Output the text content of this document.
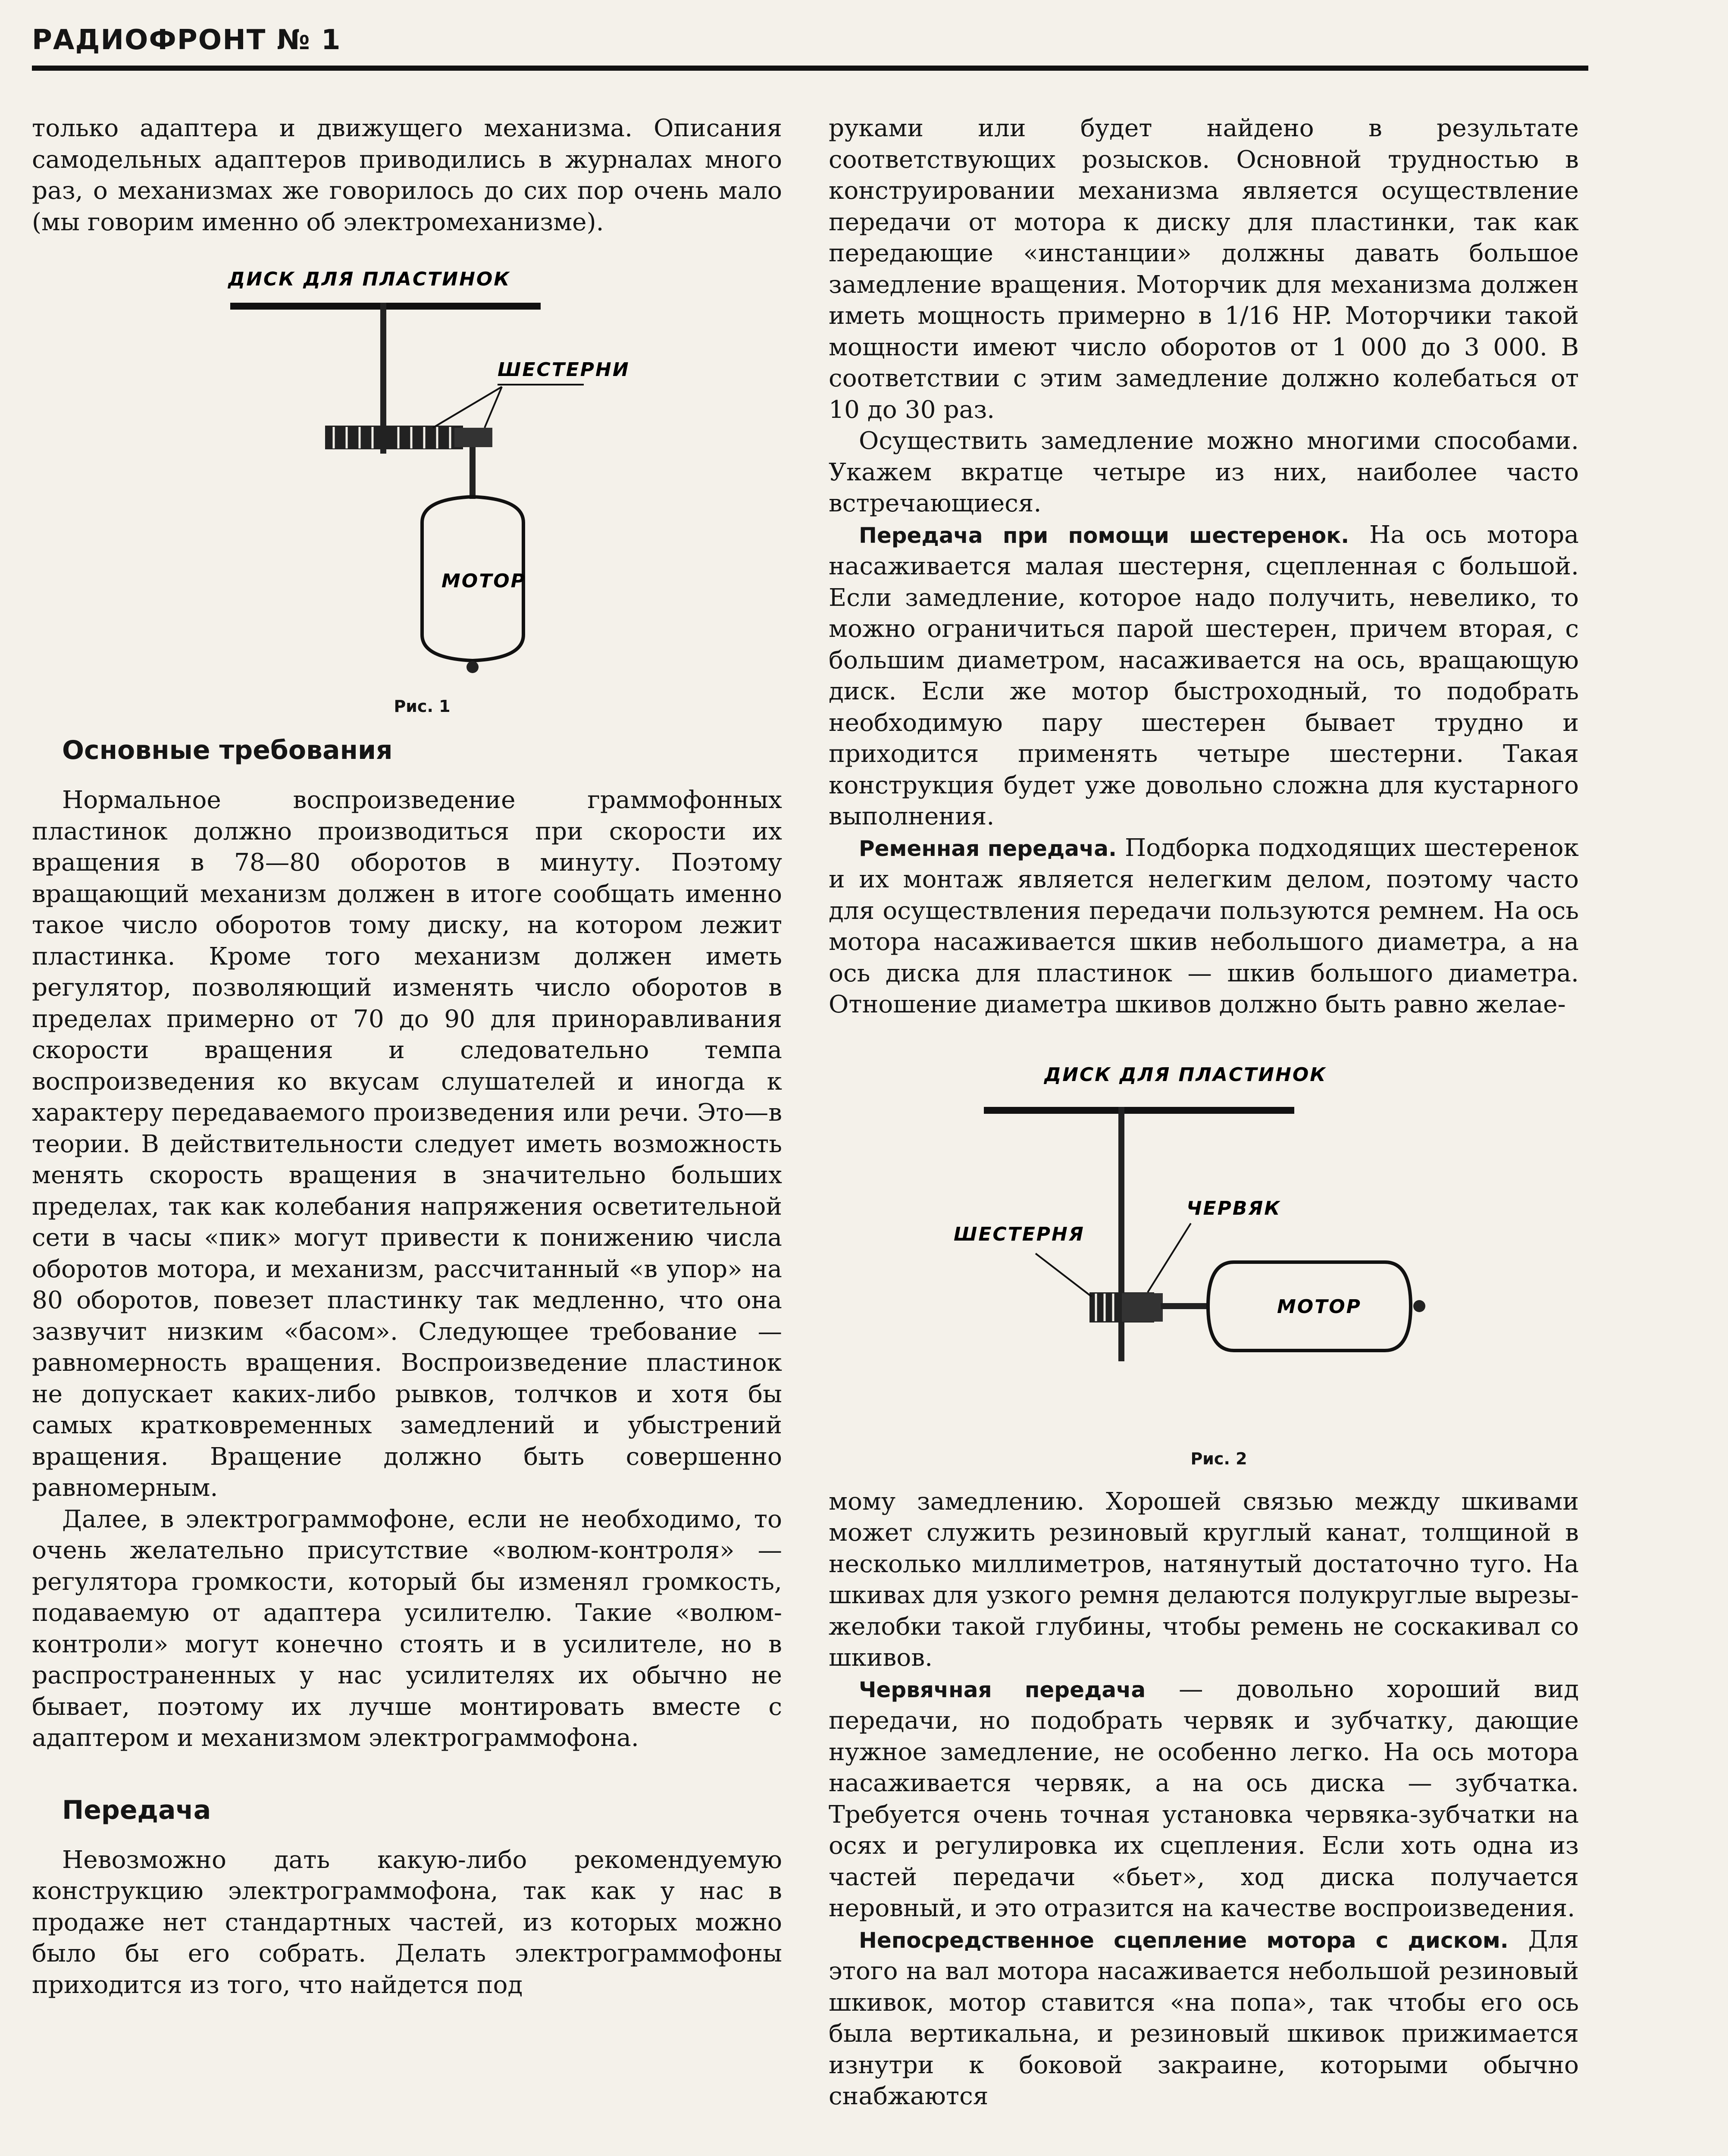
РАДИОФРОНТ № 1

только адаптера и движущего механизма. Описания самодельных адаптеров приводились в журналах много раз, о механизмах же говорилось до сих пор очень мало (мы говорим именно об электромеханизме).

ДИСК ДЛЯ ПЛАСТИНОК
ШЕСТЕРНИ
МОТОР

Рис. 1

Основные требования

Нормальное воспроизведение граммофонных пластинок должно производиться при скорости их вращения в 78—80 оборотов в минуту. Поэтому вращающий механизм должен в итоге сообщать именно такое число оборотов тому диску, на котором лежит пластинка. Кроме того механизм должен иметь регулятор, позволяющий изменять число оборотов в пределах примерно от 70 до 90 для приноравливания скорости вращения и следовательно темпа воспроизведения ко вкусам слушателей и иногда к характеру передаваемого произведения или речи. Это—в теории. В действительности следует иметь возможность менять скорость вращения в значительно больших пределах, так как колебания напряжения осветительной сети в часы «пик» могут привести к понижению числа оборотов мотора, и механизм, рассчитанный «в упор» на 80 оборотов, повезет пластинку так медленно, что она зазвучит низким «басом». Следующее требование — равномерность вращения. Воспроизведение пластинок не допускает каких-либо рывков, толчков и хотя бы самых кратковременных замедлений и убыстрений вращения. Вращение должно быть совершенно равномерным.

Далее, в электрограммофоне, если не необходимо, то очень желательно присутствие «волюм-контроля» — регулятора громкости, который бы изменял громкость, подаваемую от адаптера усилителю. Такие «волюм-контроли» могут конечно стоять и в усилителе, но в распространенных у нас усилителях их обычно не бывает, поэтому их лучше монтировать вместе с адаптером и механизмом электрограммофона.

Передача

Невозможно дать какую-либо рекомендуемую конструкцию электрограммофона, так как у нас в продаже нет стандартных частей, из которых можно было бы его собрать. Делать электрограммофоны приходится из того, что найдется под

руками или будет найдено в результате соответствующих розысков. Основной трудностью в конструировании механизма является осуществление передачи от мотора к диску для пластинки, так как передающие «инстанции» должны давать большое замедление вращения. Моторчик для механизма должен иметь мощность примерно в 1/16 HP. Моторчики такой мощности имеют число оборотов от 1 000 до 3 000. В соответствии с этим замедление должно колебаться от 10 до 30 раз.

Осуществить замедление можно многими способами. Укажем вкратце четыре из них, наиболее часто встречающиеся.

Передача при помощи шестеренок. На ось мотора насаживается малая шестерня, сцепленная с большой. Если замедление, которое надо получить, невелико, то можно ограничиться парой шестерен, причем вторая, с большим диаметром, насаживается на ось, вращающую диск. Если же мотор быстроходный, то подобрать необходимую пару шестерен бывает трудно и приходится применять четыре шестерни. Такая конструкция будет уже довольно сложна для кустарного выполнения.

Ременная передача. Подборка подходящих шестеренок и их монтаж является нелегким делом, поэтому часто для осуществления передачи пользуются ремнем. На ось мотора насаживается шкив небольшого диаметра, а на ось диска для пластинок — шкив большого диаметра. Отношение диаметра шкивов должно быть равно желае-

ДИСК ДЛЯ ПЛАСТИНОК
ШЕСТЕРНЯ
ЧЕРВЯК
МОТОР

Рис. 2

мому замедлению. Хорошей связью между шкивами может служить резиновый круглый канат, толщиной в несколько миллиметров, натянутый достаточно туго. На шкивах для узкого ремня делаются полукруглые вырезы-желобки такой глубины, чтобы ремень не соскакивал со шкивов.

Червячная передача — довольно хороший вид передачи, но подобрать червяк и зубчатку, дающие нужное замедление, не особенно легко. На ось мотора насаживается червяк, а на ось диска — зубчатка. Требуется очень точная установка червяка-зубчатки на осях и регулировка их сцепления. Если хоть одна из частей передачи «бьет», ход диска получается неровный, и это отразится на качестве воспроизведения.

Непосредственное сцепление мотора с диском. Для этого на вал мотора насаживается небольшой резиновый шкивок, мотор ставится «на попа», так чтобы его ось была вертикальна, и резиновый шкивок прижимается изнутри к боковой закраине, которыми обычно снабжаются
